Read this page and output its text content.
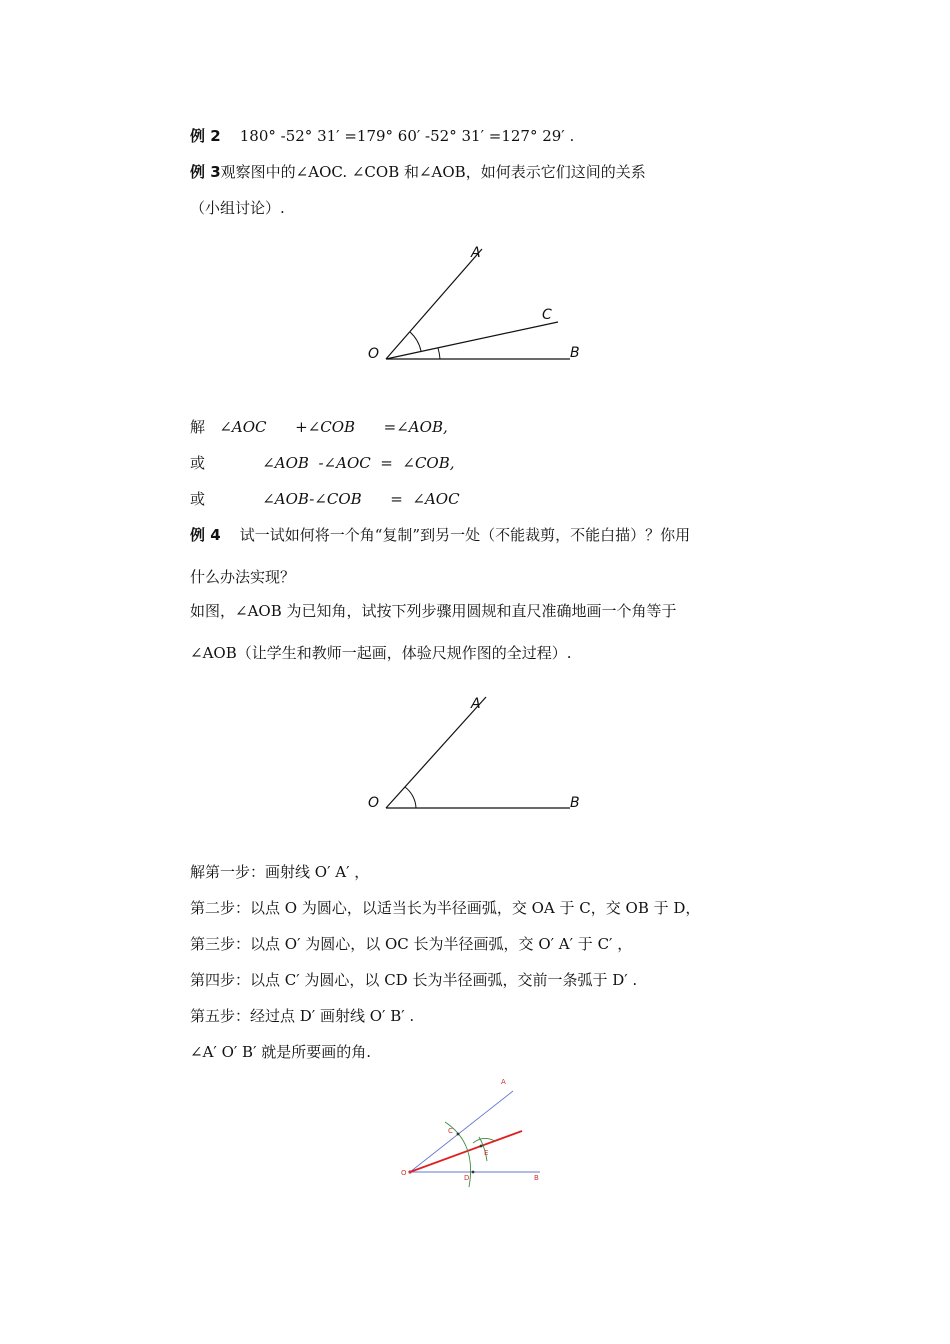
例 2 180° -52° 31′ =179° 60′ -52° 31′ =127° 29′ .
例 3观察图中的∠AOC. ∠COB 和∠AOB，如何表示它们这间的关系
（小组讨论）.
A
C
O	B
解 ∠AOC +∠COB =∠AOB,
或	∠AOB  -∠AOC  =  ∠COB,
或	∠AOB-∠COB =  ∠AOC
例 4 试一试如何将一个角“复制”到另一处（不能裁剪，不能白描）？你用
什么办法实现？
如图，∠AOB 为已知角，试按下列步骤用圆规和直尺准确地画一个角等于
∠AOB（让学生和教师一起画，体验尺规作图的全过程）.
A
O	B
解第一步：画射线 O′ A′ ，
第二步：以点 O 为圆心，以适当长为半径画弧，交 OA 于 C，交 OB 于 D，
第三步：以点 O′ 为圆心，以 OC 长为半径画弧，交 O′ A′ 于 C′ ，
第四步：以点 C′ 为圆心，以 CD 长为半径画弧，交前一条弧于 D′ .
第五步：经过点 D′ 画射线 O′ B′ .
∠A′ O′ B′ 就是所要画的角.
A
C
E
O
D	B
